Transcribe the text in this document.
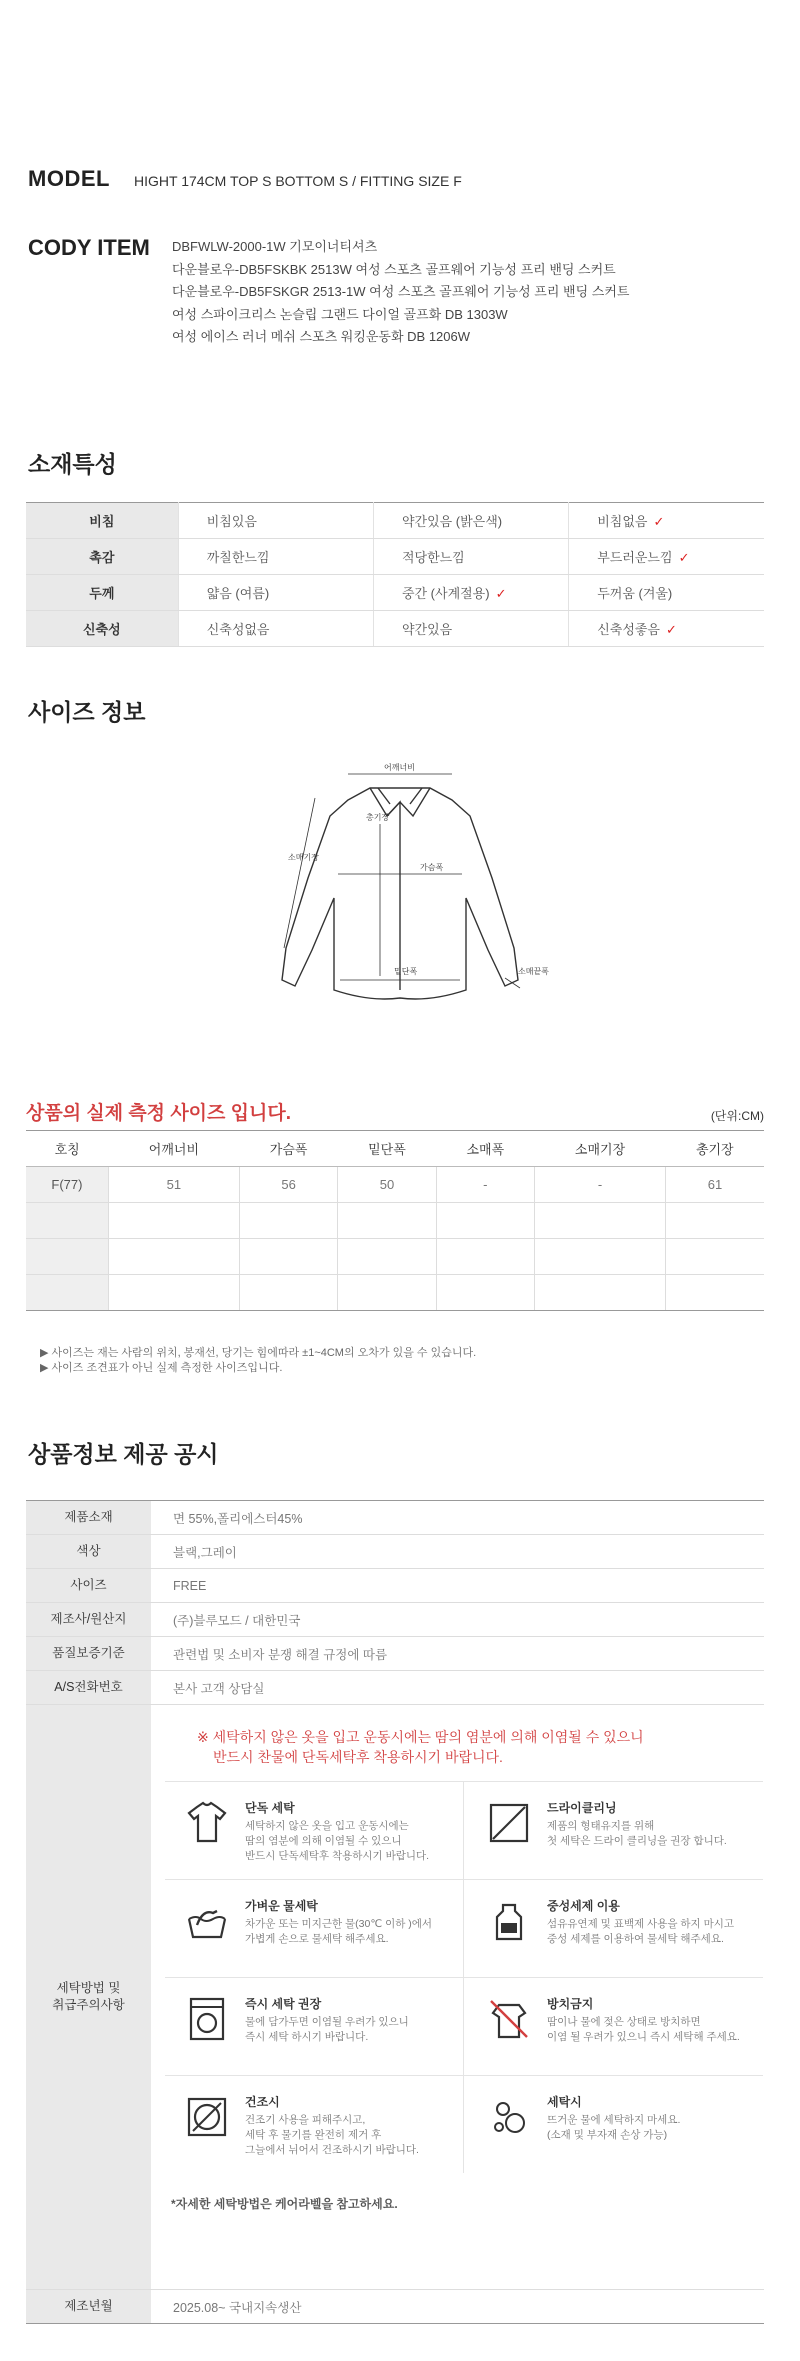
MODEL HIGHT 174CM TOP S BOTTOM S / FITTING SIZE F
CODY ITEM DBFWLW-2000-1W 기모이너티셔츠
다운블로우-DB5FSKBK 2513W 여성 스포츠 골프웨어 기능성 프리 밴딩 스커트
다운블로우-DB5FSKGR 2513-1W 여성 스포츠 골프웨어 기능성 프리 밴딩 스커트
여성 스파이크리스 논슬립 그랜드 다이얼 골프화 DB 1303W
여성 에이스 러너 메쉬 스포츠 워킹운동화 DB 1206W
소재특성
비침	비침있음	약간있음 (밝은색)	비침없음 ✓
촉감	까칠한느낌	적당한느낌	부드러운느낌 ✓
두께	얇음 (여름)	중간 (사계절용) ✓	두꺼움 (겨울)
신축성	신축성없음	약간있음	신축성좋음 ✓
사이즈 정보
어깨너비
총기장
가슴폭
소매기장
밑단폭	소매끝폭
상품의 실제 측정 사이즈 입니다.	(단위:CM)
호칭	어깨너비	가슴폭	밑단폭	소매폭	소매기장	총기장
F(77)	51	56	50	-	-	61

▶ 사이즈는 재는 사람의 위치, 봉재선, 당기는 힘에따라 ±1~4CM의 오차가 있을 수 있습니다.
▶ 사이즈 조견표가 아닌 실제 측정한 사이즈입니다.
상품정보 제공 공시
제품소재	면 55%,폴리에스터45%
색상	블랙,그레이
사이즈	FREE
제조사/원산지	(주)블루모드 / 대한민국
품질보증기준	관련법 및 소비자 분쟁 해결 규정에 따름
A/S전화번호	본사 고객 상담실
세탁방법 및
취급주의사항
※ 세탁하지 않은 옷을 입고 운동시에는 땀의 염분에 의해 이염될 수 있으니
반드시 찬물에 단독세탁후 착용하시기 바랍니다.
단독 세탁
세탁하지 않은 옷을 입고 운동시에는
땀의 염분에 의해 이염될 수 있으니
반드시 단독세탁후 착용하시기 바랍니다.
드라이클리닝
제품의 형태유지를 위해
첫 세탁은 드라이 클리닝을 권장 합니다.
가벼운 물세탁
차가운 또는 미지근한 물(30℃ 이하 )에서
가볍게 손으로 물세탁 해주세요.
중성세제 이용
섬유유연제 및 표백제 사용을 하지 마시고
중성 세제를 이용하여 물세탁 해주세요.
즉시 세탁 권장
물에 담가두면 이염될 우려가 있으니
즉시 세탁 하시기 바랍니다.
방치금지
땀이나 물에 젖은 상태로 방치하면
이염 될 우려가 있으니 즉시 세탁해 주세요.
건조시
건조기 사용을 피해주시고,
세탁 후 물기를 완전히 제거 후
그늘에서 뉘어서 건조하시기 바랍니다.
세탁시
뜨거운 물에 세탁하지 마세요.
(소재 및 부자재 손상 가능)
*자세한 세탁방법은 케어라벨을 참고하세요.
제조년월	2025.08~ 국내지속생산
